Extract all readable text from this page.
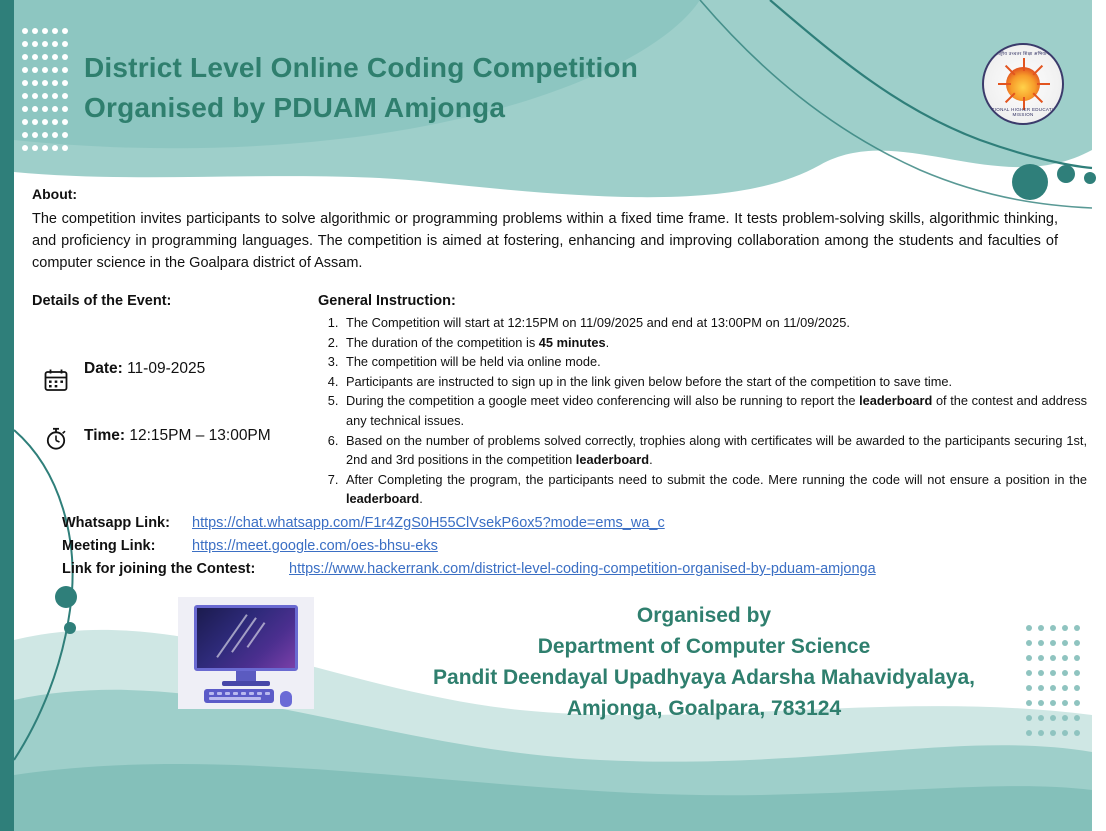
District Level Online Coding Competition
Organised by PDUAM Amjonga
राष्ट्रीय उच्चतर शिक्षा अभियान
NATIONAL HIGHER EDUCATION MISSION
About:
The competition invites participants to solve algorithmic or programming problems within a fixed time frame. It tests problem-solving skills, algorithmic thinking, and proficiency in programming languages. The competition is aimed at fostering, enhancing and improving collaboration among the students and faculties of computer science in the Goalpara district of Assam.
Details of the Event:
Date: 11-09-2025
Time: 12:15PM – 13:00PM
General Instruction:
1. The Competition will start at 12:15PM on 11/09/2025 and end at 13:00PM on 11/09/2025.
2. The duration of the competition is 45 minutes.
3. The competition will be held via online mode.
4. Participants are instructed to sign up in the link given below before the start of the competition to save time.
5. During the competition a google meet video conferencing will also be running to report the leaderboard of the contest and address any technical issues.
6. Based on the number of problems solved correctly, trophies along with certificates will be awarded to the participants securing 1st, 2nd and 3rd positions in the competition leaderboard.
7. After Completing the program, the participants need to submit the code. Mere running the code will not ensure a position in the leaderboard.
Whatsapp Link:	https://chat.whatsapp.com/F1r4ZgS0H55ClVsekP6ox5?mode=ems_wa_c
Meeting Link:	https://meet.google.com/oes-bhsu-eks
Link for joining the Contest:	https://www.hackerrank.com/district-level-coding-competition-organised-by-pduam-amjonga
Organised by
Department of Computer Science
Pandit Deendayal Upadhyaya Adarsha Mahavidyalaya,
Amjonga, Goalpara, 783124
